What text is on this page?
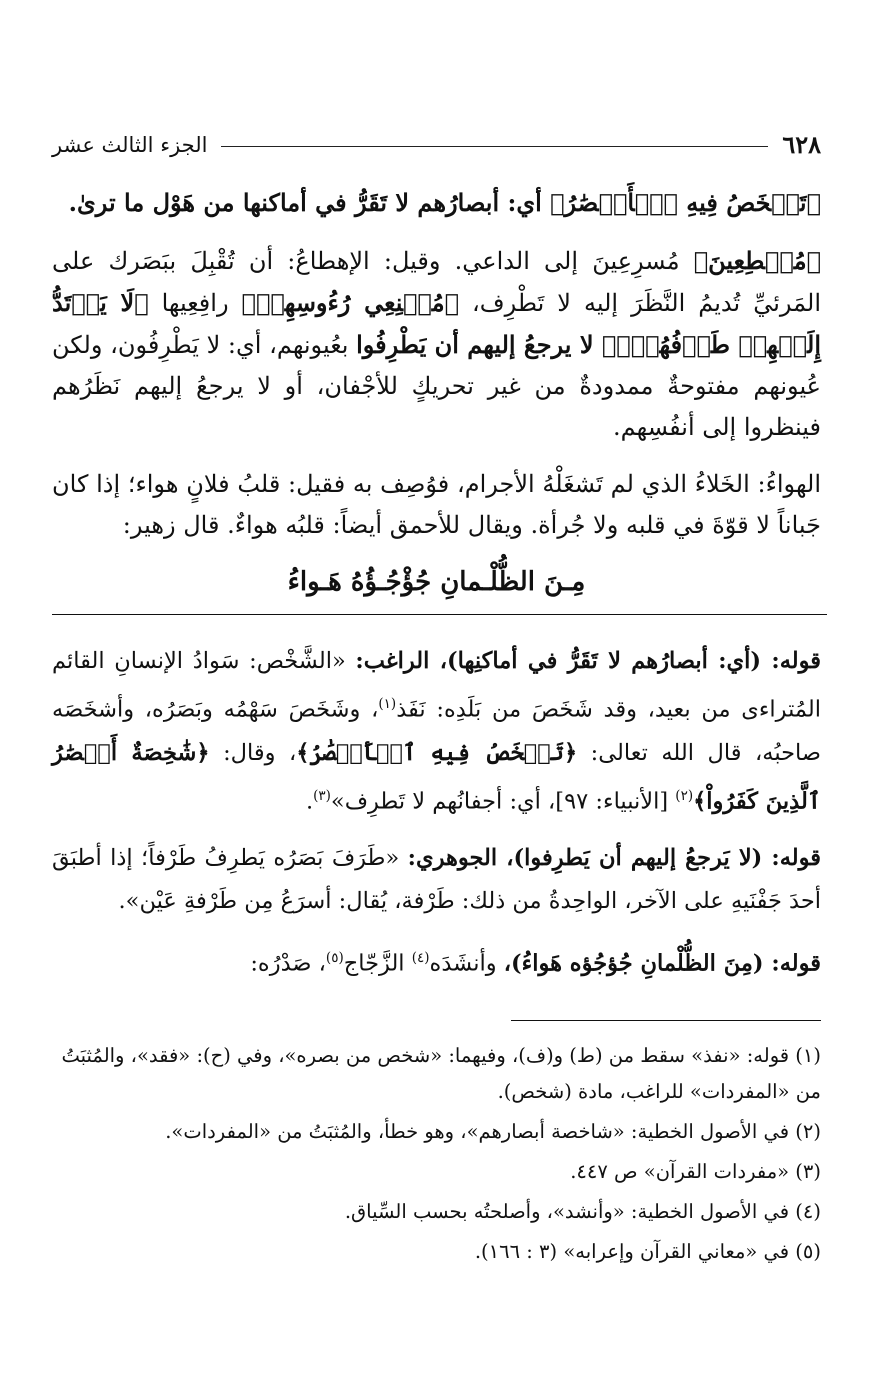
٦٢٨
الجزء الثالث عشر

﴿تَشۡخَصُ فِيهِ ٱلۡأَبۡصَٰرُ﴾ أي: أبصارُهم لا تَقَرُّ في أماكنها من هَوْل ما ترىٰ.

﴿مُهۡطِعِينَ﴾ مُسرِعِينَ إلى الداعي. وقيل: الإهطاعُ: أن تُقْبِلَ ببَصَرك على المَرئيِّ تُديمُ النَّظَرَ إليه لا تَطْرِف، ﴿مُقۡنِعِي رُءُوسِهِمۡ﴾ رافِعِيها ﴿لَا يَرۡتَدُّ إِلَيۡهِمۡ طَرۡفُهُمۡۖ﴾ لا يرجعُ إليهم أن يَطْرِفُوا بعُيونهم، أي: لا يَطْرِفُون، ولكن عُيونهم مفتوحةٌ ممدودةٌ من غير تحريكٍ للأجْفان، أو لا يرجعُ إليهم نَظَرُهم فينظروا إلى أنفُسِهم.

الهواءُ: الخَلاءُ الذي لم تَشغَلْهُ الأجرام، فوُصِف به فقيل: قلبُ فلانٍ هواء؛ إذا كان جَباناً لا قوّةَ في قلبه ولا جُرأة. ويقال للأحمق أيضاً: قلبُه هواءٌ. قال زهير:

مِـنَ الظُّلْـمانِ جُؤْجُـؤُهُ هَـواءُ

قوله: (أي: أبصارُهم لا تَقَرُّ في أماكنِها)، الراغب: «الشَّخْص: سَوادُ الإنسانِ القائم المُتراءى من بعيد، وقد شَخَصَ من بَلَدِه: نَفَذ$^{(١)}$، وشَخَصَ سَهْمُه وبَصَرُه، وأشخَصَه صاحبُه، قال الله تعالى: ﴿تَشۡخَصُ فِيهِ ٱلۡأَبۡصَٰرُ﴾، وقال: ﴿شَٰخِصَةٌ أَبۡصَٰرُ ٱلَّذِينَ كَفَرُواْ﴾$^{(٢)}$ [الأنبياء: ٩٧]، أي: أجفانُهم لا تَطرِف»$^{(٣)}$.

قوله: (لا يَرجعُ إليهم أن يَطرِفوا)، الجوهري: «طَرَفَ بَصَرُه يَطرِفُ طَرْفاً؛ إذا أطبَقَ أحدَ جَفْنَيهِ على الآخر، الواحِدةُ من ذلك: طَرْفة، يُقال: أسرَعُ مِن طَرْفةِ عَيْن».

قوله: (مِنَ الظُّلْمانِ جُؤجُؤه هَواءُ)، وأنشَدَه$^{(٤)}$ الزَّجّاج$^{(٥)}$، صَدْرُه:

(١) قوله: «نفذ» سقط من (ط) و(ف)، وفيهما: «شخص من بصره»، وفي (ح): «فقد»، والمُثبَتُ من «المفردات» للراغب، مادة (شخص).

(٢) في الأصول الخطية: «شاخصة أبصارهم»، وهو خطأ، والمُثبَتُ من «المفردات».

(٣) «مفردات القرآن» ص ٤٤٧.

(٤) في الأصول الخطية: «وأنشد»، وأصلحتُه بحسب السِّياق.

(٥) في «معاني القرآن وإعرابه» (٣ : ١٦٦).
